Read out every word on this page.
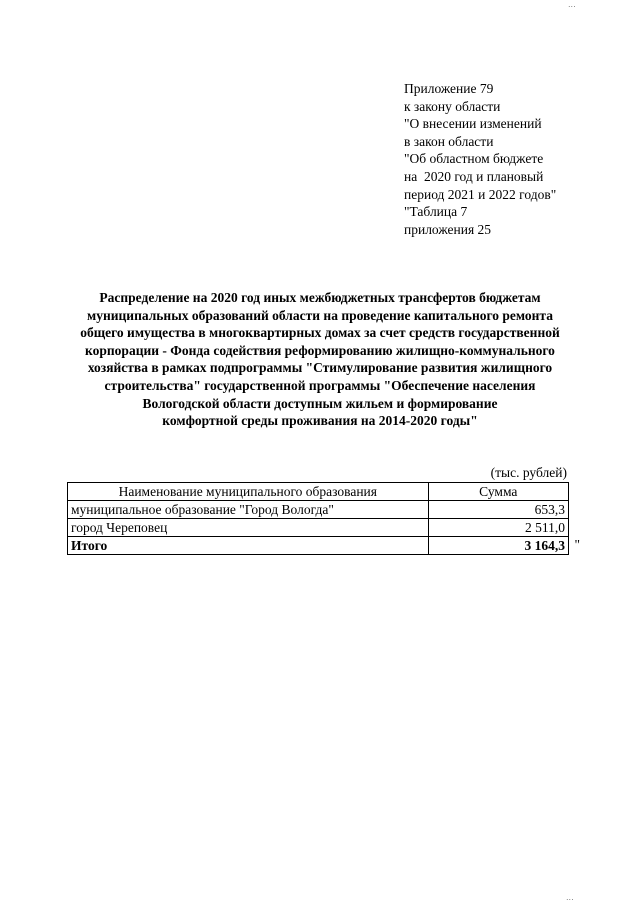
Приложение 79
к закону области
"О внесении изменений
в закон области
"Об областном бюджете
на  2020 год и плановый
период 2021 и 2022 годов"
"Таблица 7
приложения 25
Распределение на 2020 год иных межбюджетных трансфертов бюджетам
муниципальных образований области на проведение капитального ремонта
общего имущества в многоквартирных домах за счет средств государственной
корпорации - Фонда содействия реформированию жилищно-коммунального
хозяйства в рамках подпрограммы "Стимулирование развития жилищного
строительства" государственной программы "Обеспечение населения
Вологодской области доступным жильем и формирование
комфортной среды проживания на 2014-2020 годы"
(тыс. рублей)
Наименование муниципального образования	Сумма
муниципальное образование "Город Вологда"	653,3
город Череповец	2 511,0
Итого	3 164,3 "
...
...
